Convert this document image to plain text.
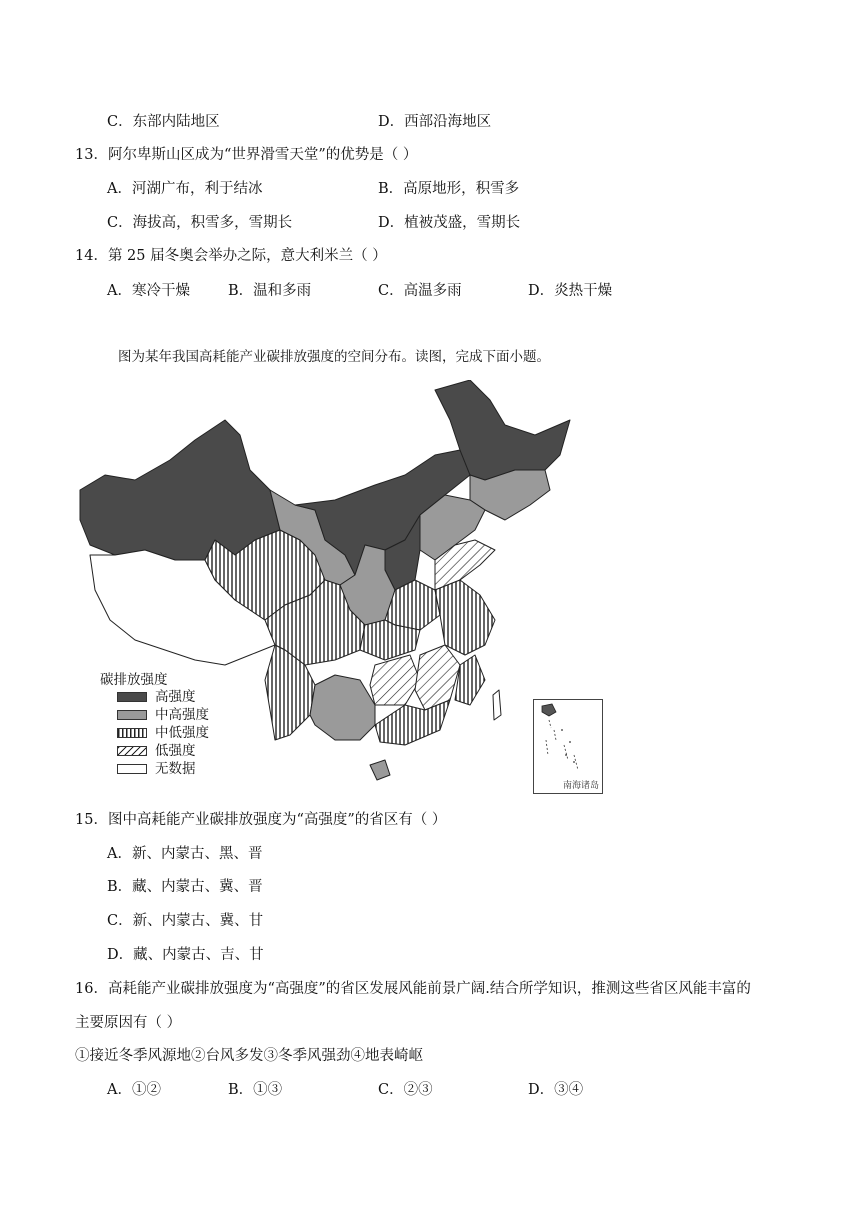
C．东部内陆地区	D．西部沿海地区
13．阿尔卑斯山区成为“世界滑雪天堂”的优势是（ ）
A．河湖广布，利于结冰	B．高原地形，积雪多
C．海拔高，积雪多，雪期长	D．植被茂盛，雪期长
14．第 25 届冬奥会举办之际，意大利米兰（ ）
A．寒冷干燥	B．温和多雨	C．高温多雨	D．炎热干燥
图为某年我国高耗能产业碳排放强度的空间分布。读图，完成下面小题。
碳排放强度
高强度
中高强度
中低强度
低强度
无数据
南海诸岛
15．图中高耗能产业碳排放强度为“高强度”的省区有（ ）
A．新、内蒙古、黑、晋
B．藏、内蒙古、冀、晋
C．新、内蒙古、冀、甘
D．藏、内蒙古、吉、甘
16．高耗能产业碳排放强度为“高强度”的省区发展风能前景广阔.结合所学知识，推测这些省区风能丰富的
主要原因有（ ）
①接近冬季风源地②台风多发③冬季风强劲④地表崎岖
A．①②	B．①③	C．②③	D．③④
